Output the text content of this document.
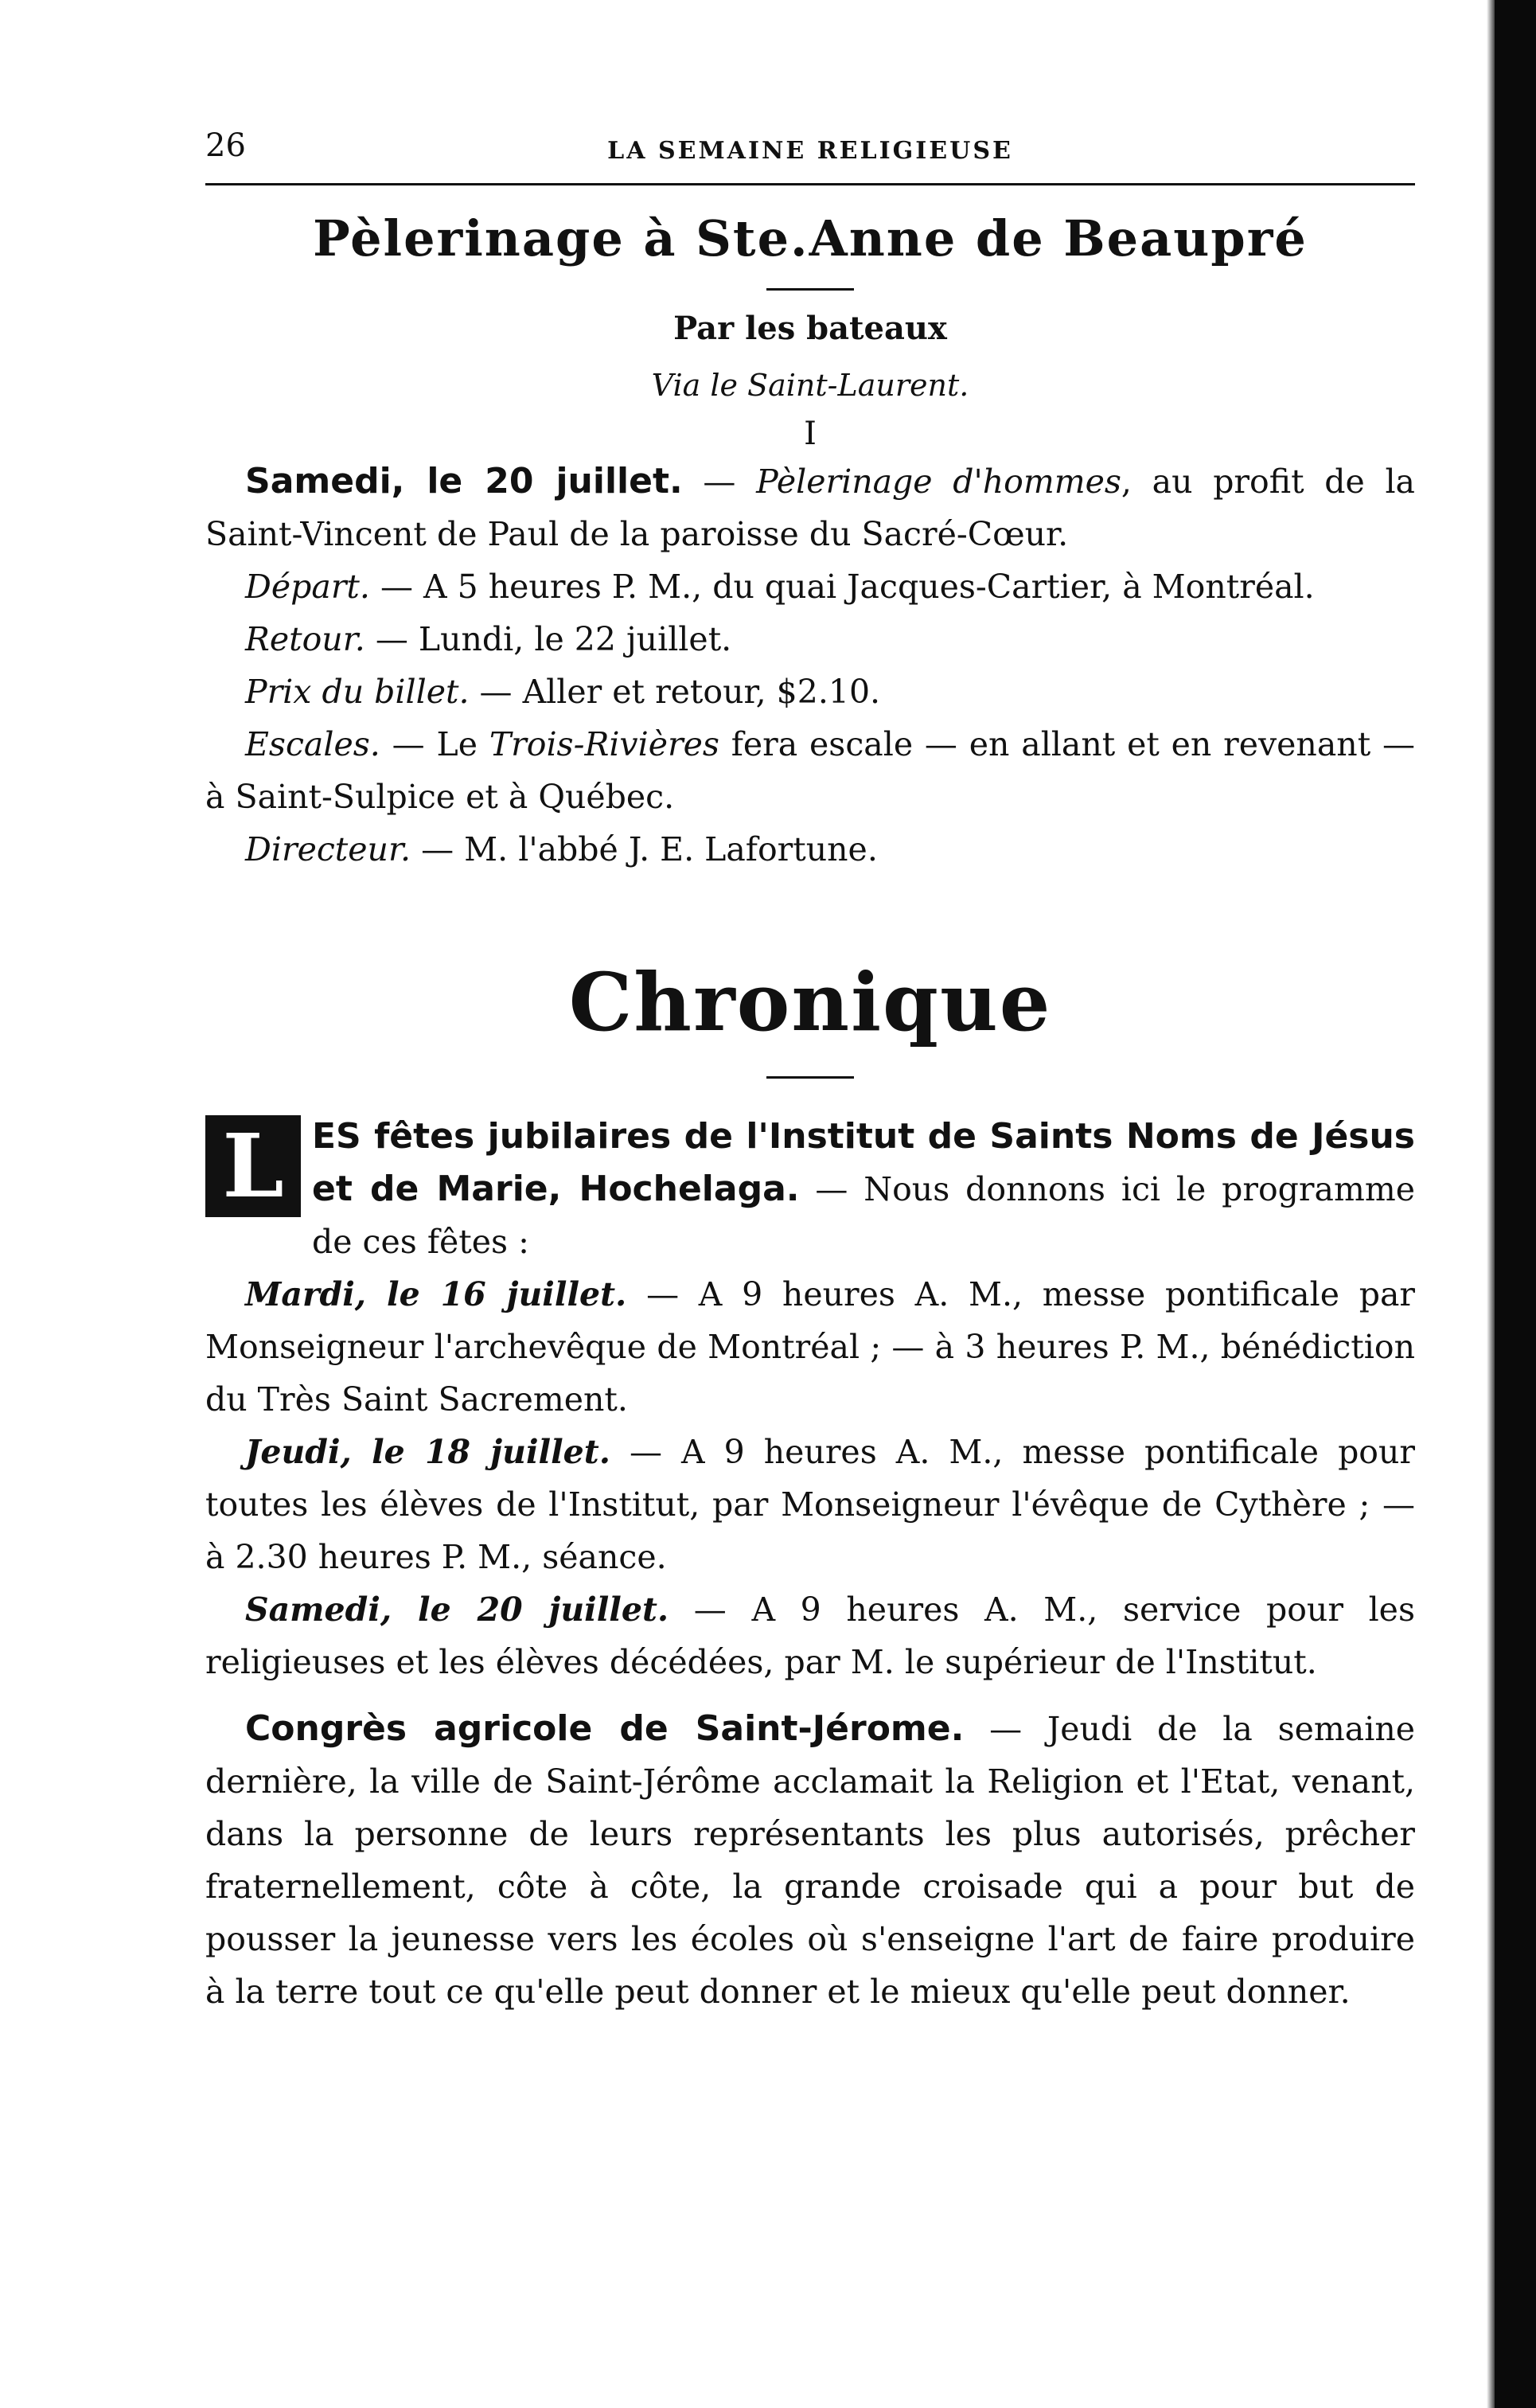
26	LA SEMAINE RELIGIEUSE
Pèlerinage à Ste.Anne de Beaupré
Par les bateaux
Via le Saint-Laurent.
I

Samedi, le 20 juillet. — Pèlerinage d'hommes, au profit de la Saint-Vincent de Paul de la paroisse du Sacré-Cœur.

Départ. — A 5 heures P. M., du quai Jacques-Cartier, à Montréal.

Retour. — Lundi, le 22 juillet.

Prix du billet. — Aller et retour, $2.10.

Escales. — Le Trois-Rivières fera escale — en allant et en revenant — à Saint-Sulpice et à Québec.

Directeur. — M. l'abbé J. E. Lafortune.

Chronique
L ES fêtes jubilaires de l'Institut de Saints Noms de Jésus et de Marie, Hochelaga. — Nous donnons ici le programme de ces fêtes :

Mardi, le 16 juillet. — A 9 heures A. M., messe pontificale par Monseigneur l'archevêque de Montréal ; — à 3 heures P. M., bénédiction du Très Saint Sacrement.

Jeudi, le 18 juillet. — A 9 heures A. M., messe pontificale pour toutes les élèves de l'Institut, par Monseigneur l'évêque de Cythère ; — à 2.30 heures P. M., séance.

Samedi, le 20 juillet. — A 9 heures A. M., service pour les religieuses et les élèves décédées, par M. le supérieur de l'Institut.

Congrès agricole de Saint-Jérome. — Jeudi de la semaine dernière, la ville de Saint-Jérôme acclamait la Religion et l'Etat, venant, dans la personne de leurs représentants les plus autorisés, prêcher fraternellement, côte à côte, la grande croisade qui a pour but de pousser la jeunesse vers les écoles où s'enseigne l'art de faire produire à la terre tout ce qu'elle peut donner et le mieux qu'elle peut donner.
